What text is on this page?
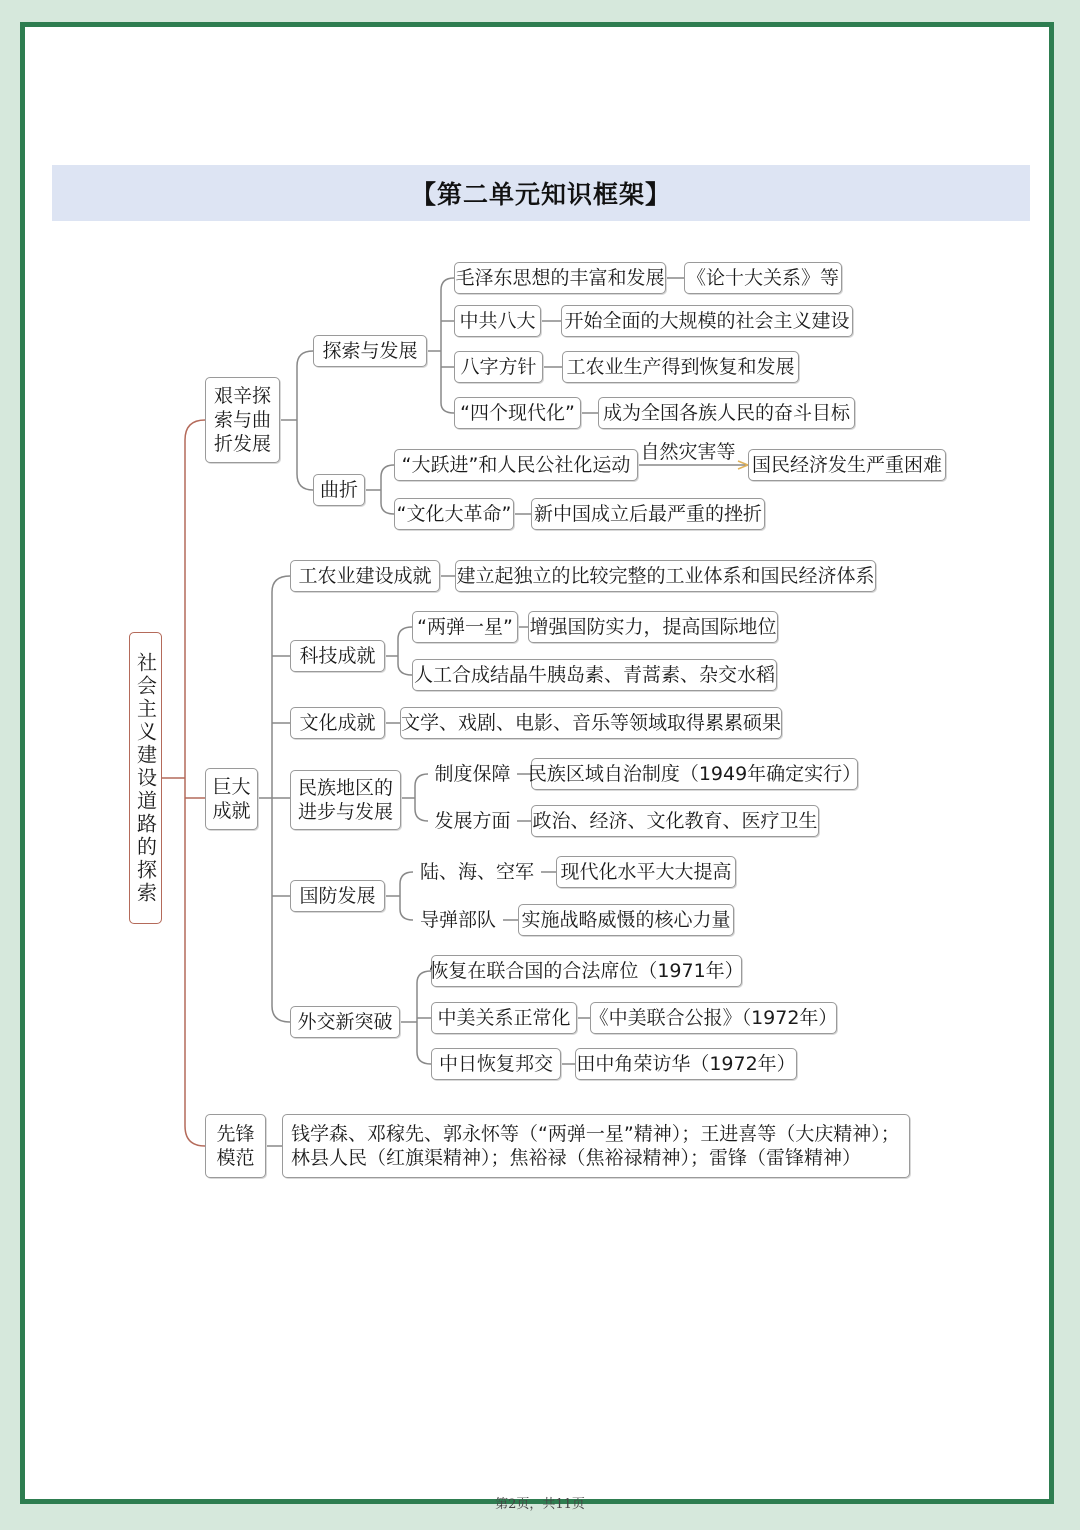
【第二单元知识框架】
社会主义建设道路的探索
艰辛探索与曲折发展
探索与发展
毛泽东思想的丰富和发展 《论十大关系》等
中共八大 开始全面的大规模的社会主义建设
八字方针	工农业生产得到恢复和发展
“四个现代化”	成为全国各族人民的奋斗目标
曲折
“大跃进”和人民公社化运动
自然灾害等
国民经济发生严重困难
“文化大革命” 新中国成立后最严重的挫折
巨大成就
工农业建设成就	建立起独立的比较完整的工业体系和国民经济体系
科技成就
“两弹一星” 增强国防实力，提高国际地位
人工合成结晶牛胰岛素、青蒿素、杂交水稻
文化成就	文学、戏剧、电影、音乐等领域取得累累硕果
民族地区的进步与发展
制度保障 民族区域自治制度（1949年确定实行）
发展方面	政治、经济、文化教育、医疗卫生
国防发展
陆、海、空军	现代化水平大大提高
导弹部队	实施战略威慑的核心力量
外交新突破
恢复在联合国的合法席位（1971年）
中美关系正常化	《中美联合公报》（1972年）
中日恢复邦交	田中角荣访华（1972年）
先锋模范
钱学森、邓稼先、郭永怀等（“两弹一星”精神）；王进喜等（大庆精神）；
林县人民（红旗渠精神）；焦裕禄（焦裕禄精神）；雷锋（雷锋精神）
第2页，共11页
